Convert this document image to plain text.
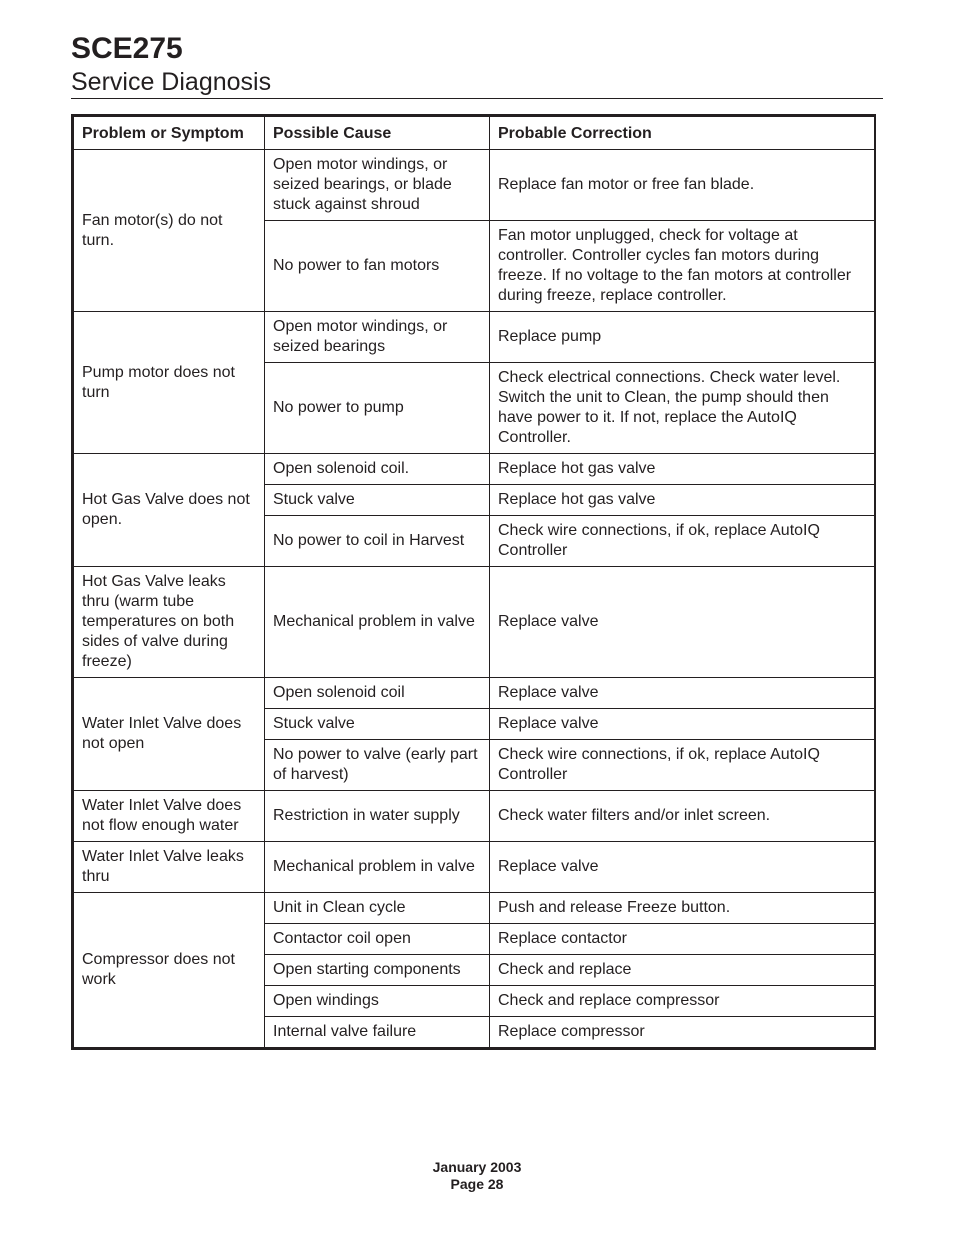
SCE275
Service Diagnosis
Problem or Symptom	Possible Cause	Probable Correction
Fan motor(s) do not turn.	Open motor windings, or seized bearings, or blade stuck against shroud	Replace fan motor or free fan blade.
	No power to fan motors	Fan motor unplugged, check for voltage at controller. Controller cycles fan motors during freeze. If no voltage to the fan motors at controller during freeze, replace controller.
Pump motor does not turn	Open motor windings, or seized bearings	Replace pump
	No power to pump	Check electrical connections. Check water level. Switch the unit to Clean, the pump should then have power to it. If not, replace the AutoIQ Controller.
Hot Gas Valve does not open.	Open solenoid coil.	Replace hot gas valve
	Stuck valve	Replace hot gas valve
	No power to coil in Harvest	Check wire connections, if ok, replace AutoIQ Controller
Hot Gas Valve leaks thru (warm tube temperatures on both sides of valve during freeze)	Mechanical problem in valve	Replace valve
Water Inlet Valve does not open	Open solenoid coil	Replace valve
	Stuck valve	Replace valve
	No power to valve (early part of harvest)	Check wire connections, if ok, replace AutoIQ Controller
Water Inlet Valve does not flow enough water	Restriction in water supply	Check water filters and/or inlet screen.
Water Inlet Valve leaks thru	Mechanical problem in valve	Replace valve
Compressor does not work	Unit in Clean cycle	Push and release Freeze button.
	Contactor coil open	Replace contactor
	Open starting components	Check and replace
	Open windings	Check and replace compressor
	Internal valve failure	Replace compressor
January 2003
Page 28
